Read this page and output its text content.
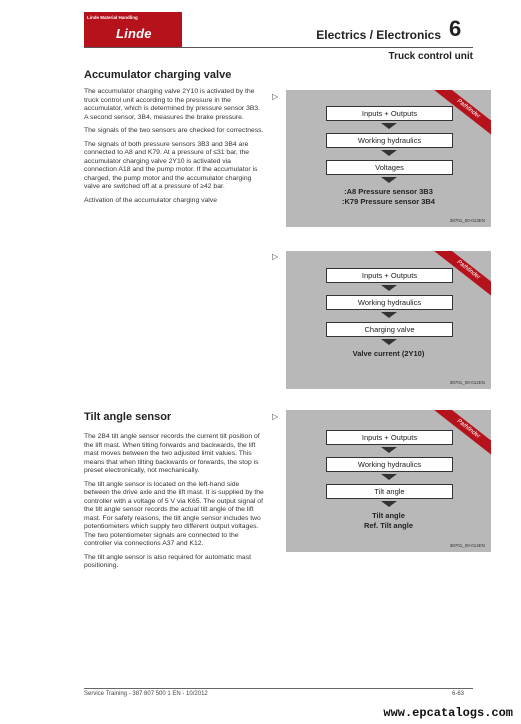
Linde Material Handling
Linde	Electrics / Electronics 6
Truck control unit
Accumulator charging valve

The accumulator charging valve 2Y10 is activated by the truck control unit according to the pressure in the accumulator, which is determined by pressure sensor 3B3. A second sensor, 3B4, measures the brake pressure.

The signals of the two sensors are checked for correctness.

The signals of both pressure sensors 3B3 and 3B4 are connected to A8 and K79. At a pressure of ≤31 bar, the accumulator charging valve 2Y10 is activated via connection A18 and the pump motor. If the accumulator is charged, the pump motor and the accumulator charging valve are switched off at a pressure of ≥42 bar.

Activation of the accumulator charging valve

▷
Pathfinder
Inputs + Outputs
Working hydraulics
Voltages
:A8 Pressure sensor 3B3
:K79 Pressure sensor 3B4
38701_00-013EN
▷
Pathfinder
Inputs + Outputs
Working hydraulics
Charging valve
Valve current (2Y10)
38701_00-012EN
Tilt angle sensor

The 2B4 tilt angle sensor records the current tilt position of the lift mast. When tilting forwards and backwards, the lift mast moves between the two adjusted limit values. This means that when tilting backwards or forwards, the stop is preset electronically, not mechanically.

The tilt angle sensor is located on the left-hand side between the drive axle and the lift mast. It is supplied by the controller with a voltage of 5 V via K65. The output signal of the tilt angle sensor records the actual tilt angle of the lift mast. For safety reasons, the tilt angle sensor includes two potentiometers which supply two different output voltages. The two potentiometer signals are connected to the controller via connections A37 and K12.

The tilt angle sensor is also required for automatic mast positioning.

▷
Pathfinder
Inputs + Outputs
Working hydraulics
Tilt angle
Tilt angle
Ref. Tilt angle
38701_00-014EN
Service Training - 387 807 500 1 EN - 10/2012	6-63
www.epcatalogs.com
